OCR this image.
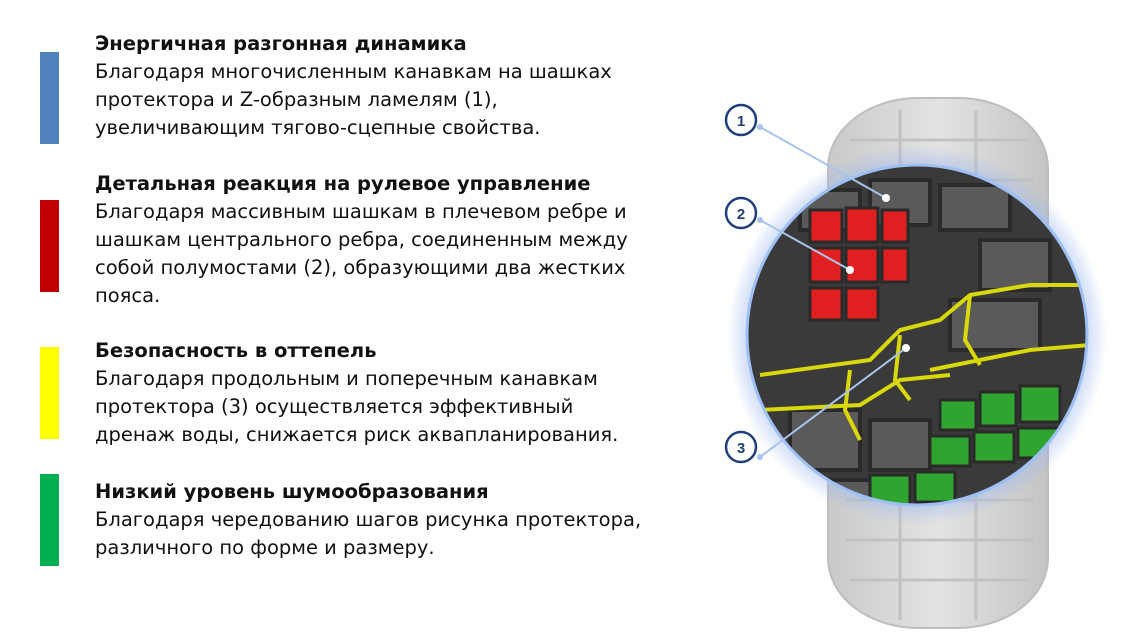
Энергичная разгонная динамика
Благодаря многочисленным канавкам на шашках
протектора и Z-образным ламелям (1),
увеличивающим тягово-сцепные свойства.
Детальная реакция на рулевое управление
Благодаря массивным шашкам в плечевом ребре и
шашкам центрального ребра, соединенным между
собой полумостами (2), образующими два жестких
пояса.
Безопасность в оттепель
Благодаря продольным и поперечным канавкам
протектора (3) осуществляется эффективный
дренаж воды, снижается риск аквапланирования.
Низкий уровень шумообразования
Благодаря чередованию шагов рисунка протектора,
различного по форме и размеру.
1
2
3
